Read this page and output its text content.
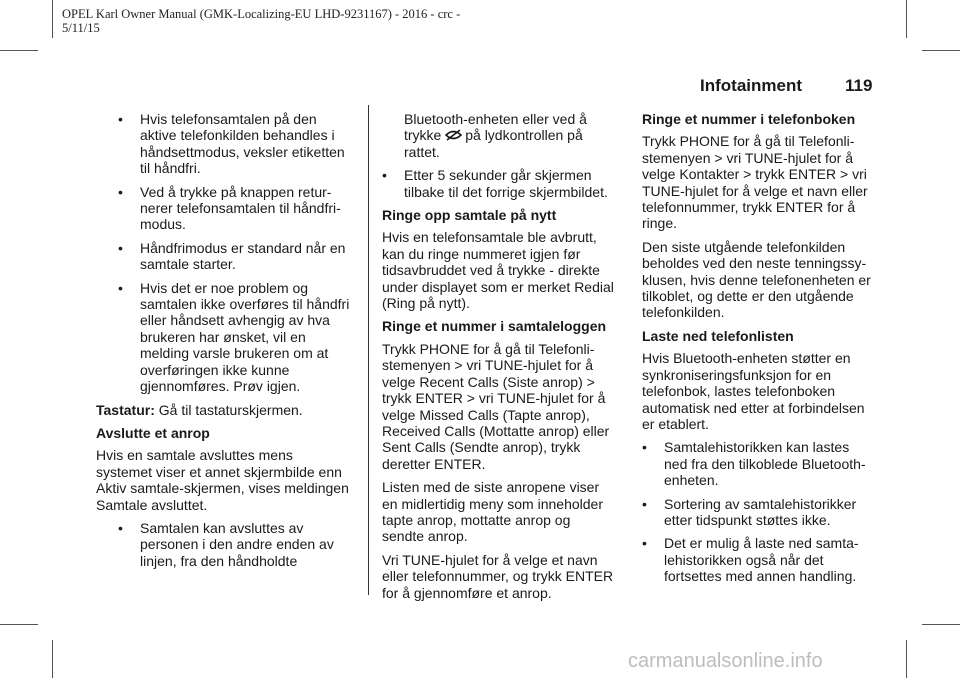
OPEL Karl Owner Manual (GMK-Localizing-EU LHD-9231167) - 2016 - crc -
5/11/15
Infotainment	119
• Hvis telefonsamtalen på den aktive telefonkilden behandles i håndsettmodus, veksler etiketten til håndfri.
• Ved å trykke på knappen returnerer telefonsamtalen til håndfrimodus.
• Håndfrimodus er standard når en samtale starter.
• Hvis det er noe problem og samtalen ikke overføres til håndfri eller håndsett avhengig av hva brukeren har ønsket, vil en melding varsle brukeren om at overføringen ikke kunne gjennomføres. Prøv igjen.

Tastatur: Gå til tastaturskjermen.

Avslutte et anrop

Hvis en samtale avsluttes mens systemet viser et annet skjermbilde enn Aktiv samtale-skjermen, vises meldingen Samtale avsluttet.

• Samtalen kan avsluttes av personen i den andre enden av linjen, fra den håndholdte

Bluetooth-enheten eller ved å
trykke på lydkontrollen på
rattet.

• Etter 5 sekunder går skjermen tilbake til det forrige skjermbildet.

Ringe opp samtale på nytt

Hvis en telefonsamtale ble avbrutt, kan du ringe nummeret igjen før tidsavbruddet ved å trykke - direkte under displayet som er merket Redial (Ring på nytt).

Ringe et nummer i samtaleloggen

Trykk PHONE for å gå til Telefonlistemenyen > vri TUNE-hjulet for å velge Recent Calls (Siste anrop) > trykk ENTER > vri TUNE-hjulet for å velge Missed Calls (Tapte anrop), Received Calls (Mottatte anrop) eller Sent Calls (Sendte anrop), trykk deretter ENTER.

Listen med de siste anropene viser en midlertidig meny som inneholder tapte anrop, mottatte anrop og sendte anrop.

Vri TUNE-hjulet for å velge et navn eller telefonnummer, og trykk ENTER for å gjennomføre et anrop.

Ringe et nummer i telefonboken

Trykk PHONE for å gå til Telefonlistemenyen > vri TUNE-hjulet for å velge Kontakter > trykk ENTER > vri TUNE-hjulet for å velge et navn eller telefonnummer, trykk ENTER for å ringe.

Den siste utgående telefonkilden beholdes ved den neste tenningssyklusen, hvis denne telefonenheten er tilkoblet, og dette er den utgående telefonkilden.

Laste ned telefonlisten

Hvis Bluetooth-enheten støtter en synkroniseringsfunksjon for en telefonbok, lastes telefonboken automatisk ned etter at forbindelsen er etablert.

• Samtalehistorikken kan lastes ned fra den tilkoblede Bluetooth-enheten.
• Sortering av samtalehistorikker etter tidspunkt støttes ikke.
• Det er mulig å laste ned samtalehistorikken også når det fortsettes med annen handling.
carmanualsonline.info
